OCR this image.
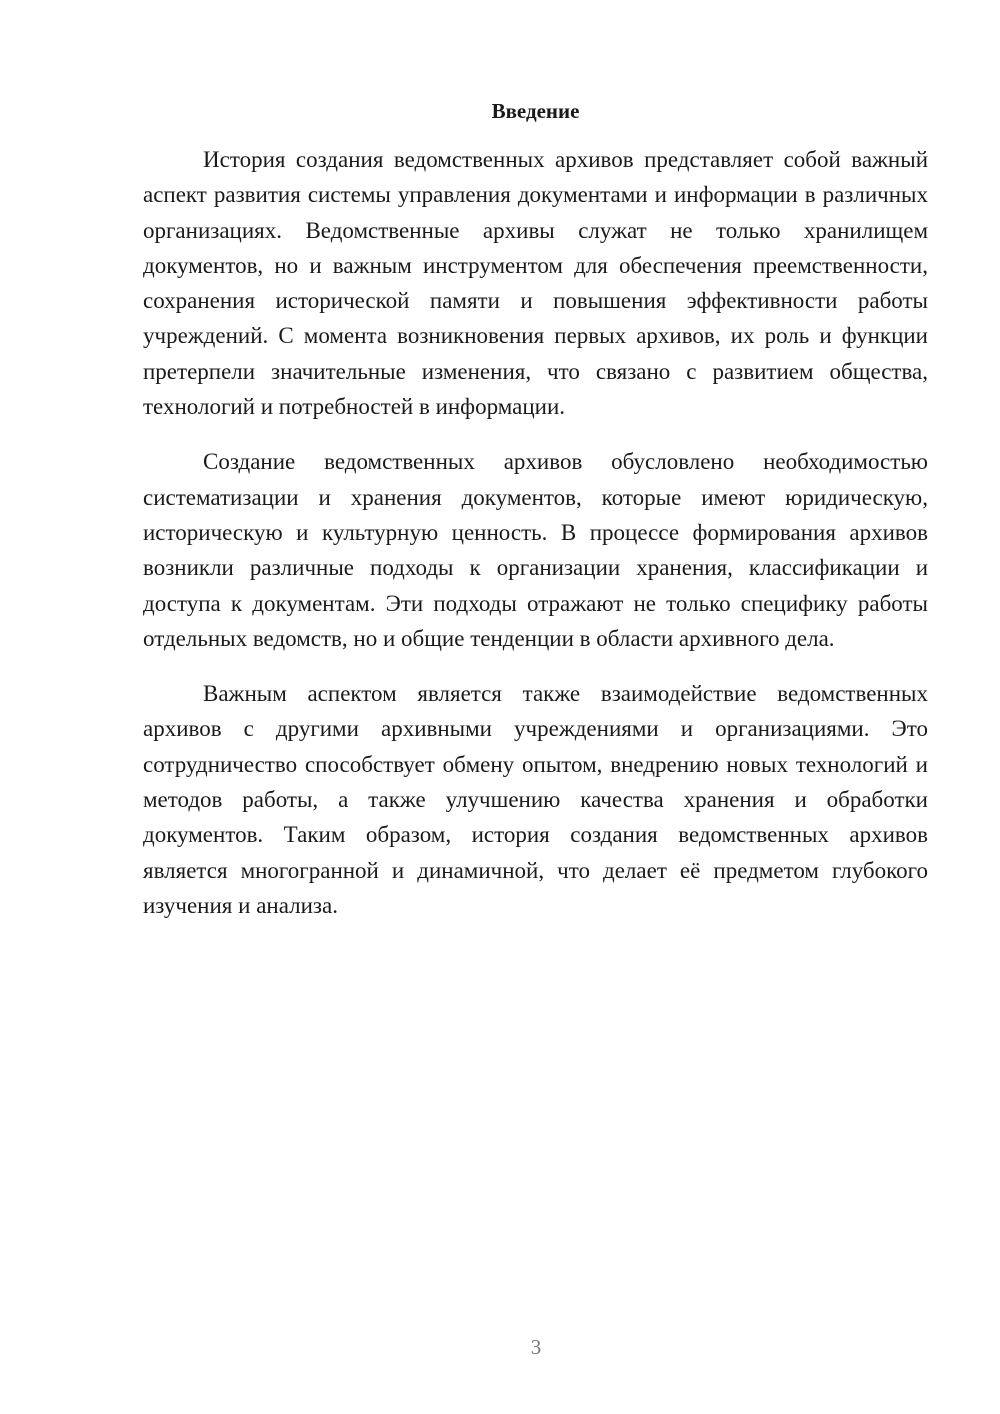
Введение

История создания ведомственных архивов представляет собой важный аспект развития системы управления документами и информации в различных организациях. Ведомственные архивы служат не только хранилищем документов, но и важным инструментом для обеспечения преемственности, сохранения исторической памяти и повышения эффективности работы учреждений. С момента возникновения первых архивов, их роль и функции претерпели значительные изменения, что связано с развитием общества, технологий и потребностей в информации.

Создание ведомственных архивов обусловлено необходимостью систематизации и хранения документов, которые имеют юридическую, историческую и культурную ценность. В процессе формирования архивов возникли различные подходы к организации хранения, классификации и доступа к документам. Эти подходы отражают не только специфику работы отдельных ведомств, но и общие тенденции в области архивного дела.

Важным аспектом является также взаимодействие ведомственных архивов с другими архивными учреждениями и организациями. Это сотрудничество способствует обмену опытом, внедрению новых технологий и методов работы, а также улучшению качества хранения и обработки документов. Таким образом, история создания ведомственных архивов является многогранной и динамичной, что делает её предметом глубокого изучения и анализа.

3
